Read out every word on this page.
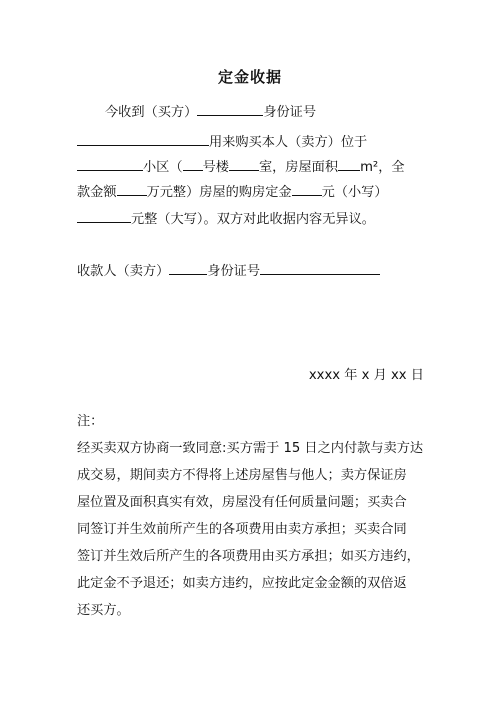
定金收据
今收到（买方）	身份证号
用来购买本人（卖方）位于
小区（ 号楼 室，房屋面积 m²，全
款金额 万元整）房屋的购房定金 元（小写）
元整（大写）。双方对此收据内容无异议。
收款人（卖方）	身份证号
xxxx 年 x 月 xx 日
注：
经买卖双方协商一致同意:买方需于 15 日之内付款与卖方达
成交易，期间卖方不得将上述房屋售与他人；卖方保证房
屋位置及面积真实有效，房屋没有任何质量问题；买卖合
同签订并生效前所产生的各项费用由卖方承担；买卖合同
签订并生效后所产生的各项费用由买方承担；如买方违约，
此定金不予退还；如卖方违约，应按此定金金额的双倍返
还买方。
